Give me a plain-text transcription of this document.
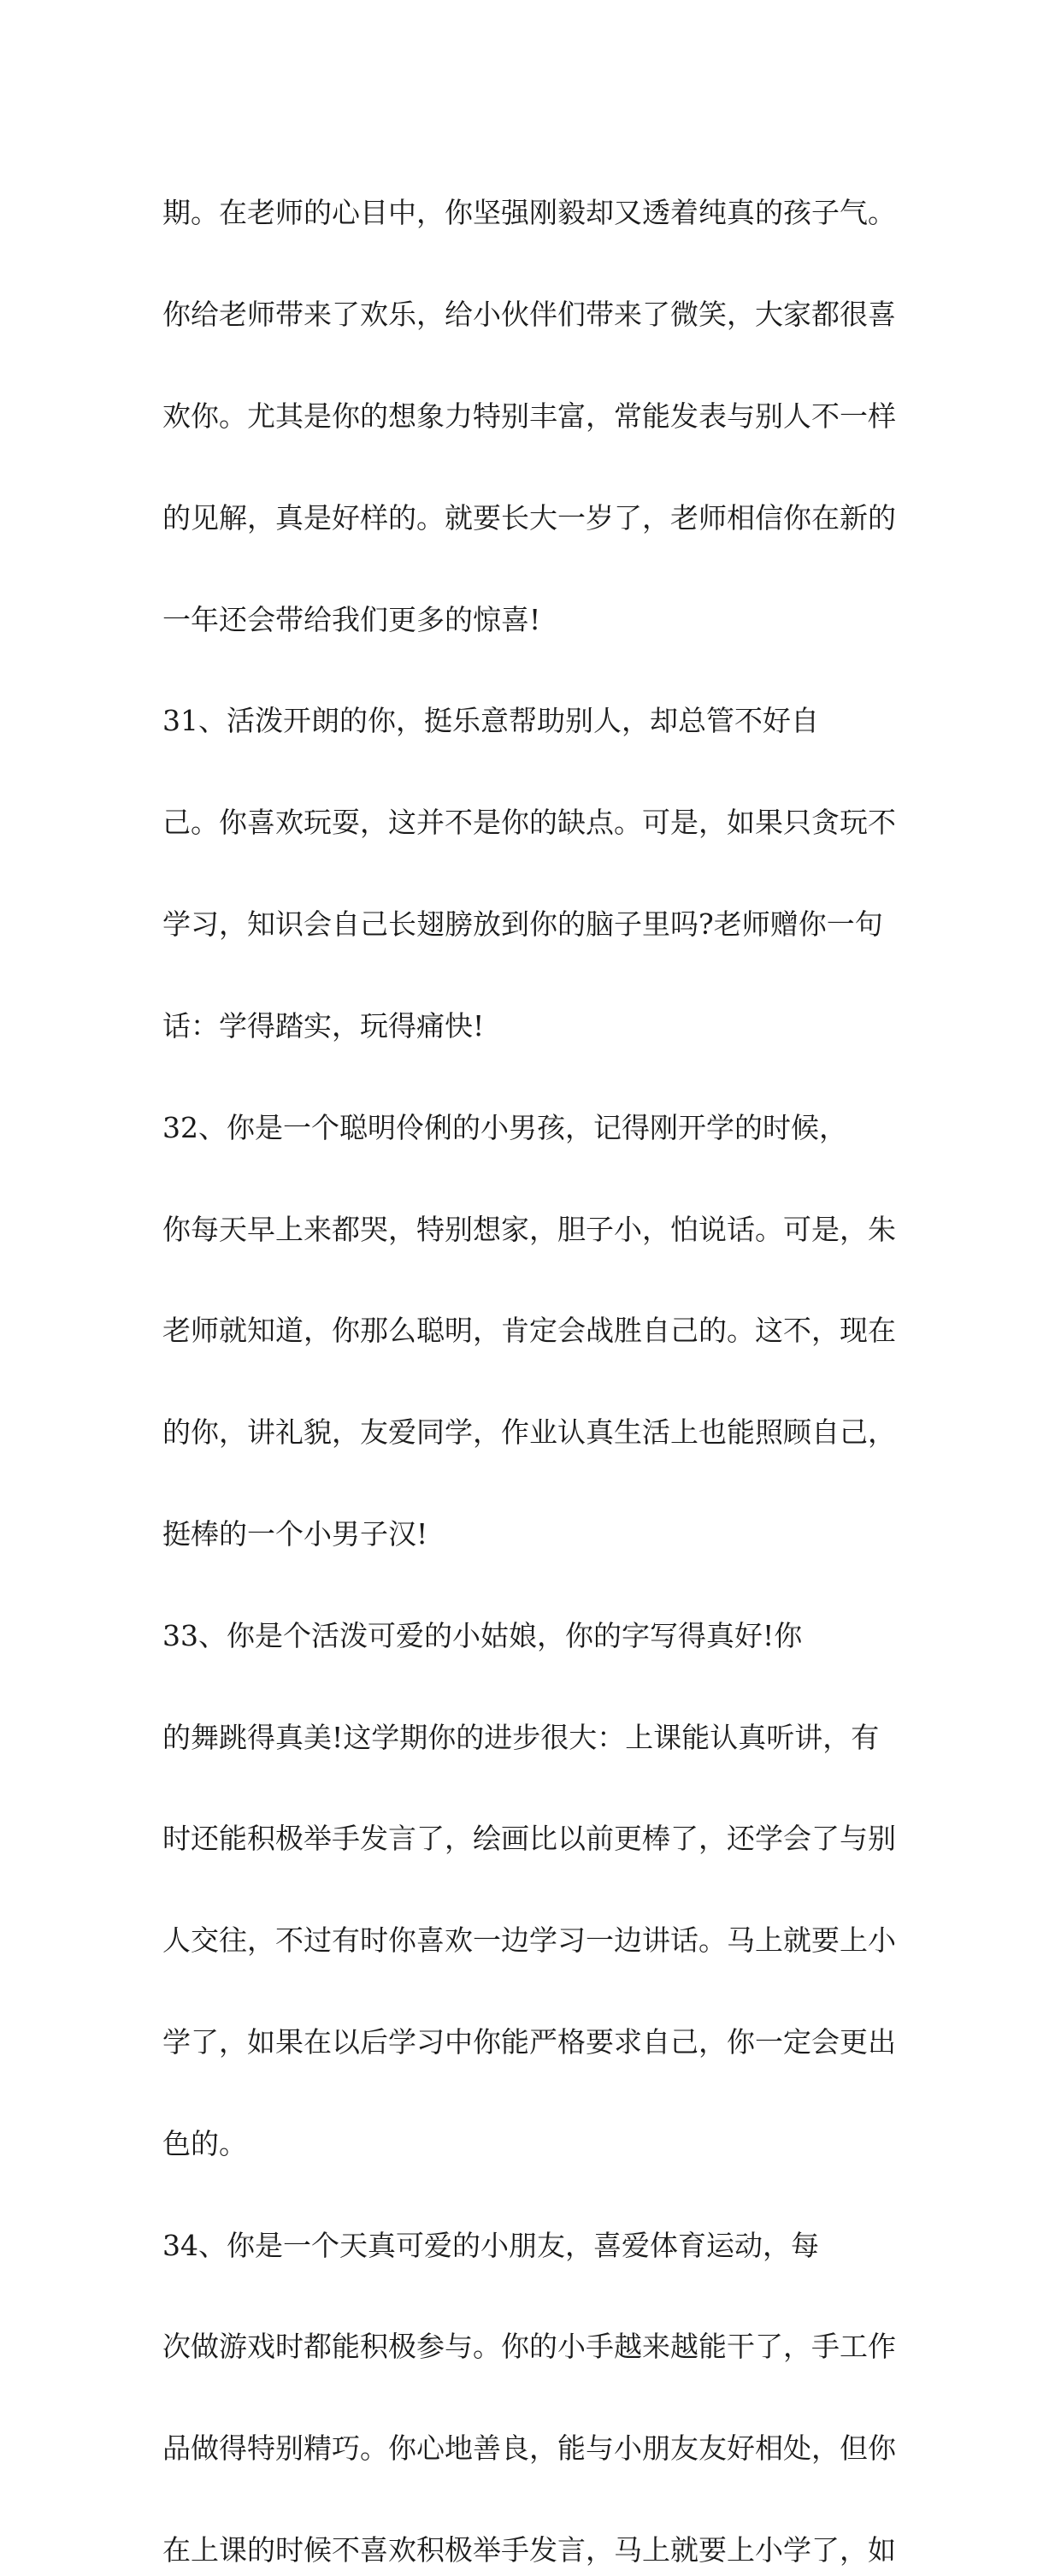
期。在老师的心目中，你坚强刚毅却又透着纯真的孩子气。

你给老师带来了欢乐，给小伙伴们带来了微笑，大家都很喜

欢你。尤其是你的想象力特别丰富，常能发表与别人不一样

的见解，真是好样的。就要长大一岁了，老师相信你在新的

一年还会带给我们更多的惊喜!

31、活泼开朗的你，挺乐意帮助别人，却总管不好自

己。你喜欢玩耍，这并不是你的缺点。可是，如果只贪玩不

学习，知识会自己长翅膀放到你的脑子里吗?老师赠你一句

话：学得踏实，玩得痛快!

32、你是一个聪明伶俐的小男孩，记得刚开学的时候，

你每天早上来都哭，特别想家，胆子小，怕说话。可是，朱

老师就知道，你那么聪明，肯定会战胜自己的。这不，现在

的你，讲礼貌，友爱同学，作业认真生活上也能照顾自己，

挺棒的一个小男子汉!

33、你是个活泼可爱的小姑娘，你的字写得真好!你

的舞跳得真美!这学期你的进步很大：上课能认真听讲，有

时还能积极举手发言了，绘画比以前更棒了，还学会了与别

人交往，不过有时你喜欢一边学习一边讲话。马上就要上小

学了，如果在以后学习中你能严格要求自己，你一定会更出

色的。

34、你是一个天真可爱的小朋友，喜爱体育运动，每

次做游戏时都能积极参与。你的小手越来越能干了，手工作

品做得特别精巧。你心地善良，能与小朋友友好相处，但你

在上课的时候不喜欢积极举手发言，马上就要上小学了，如
